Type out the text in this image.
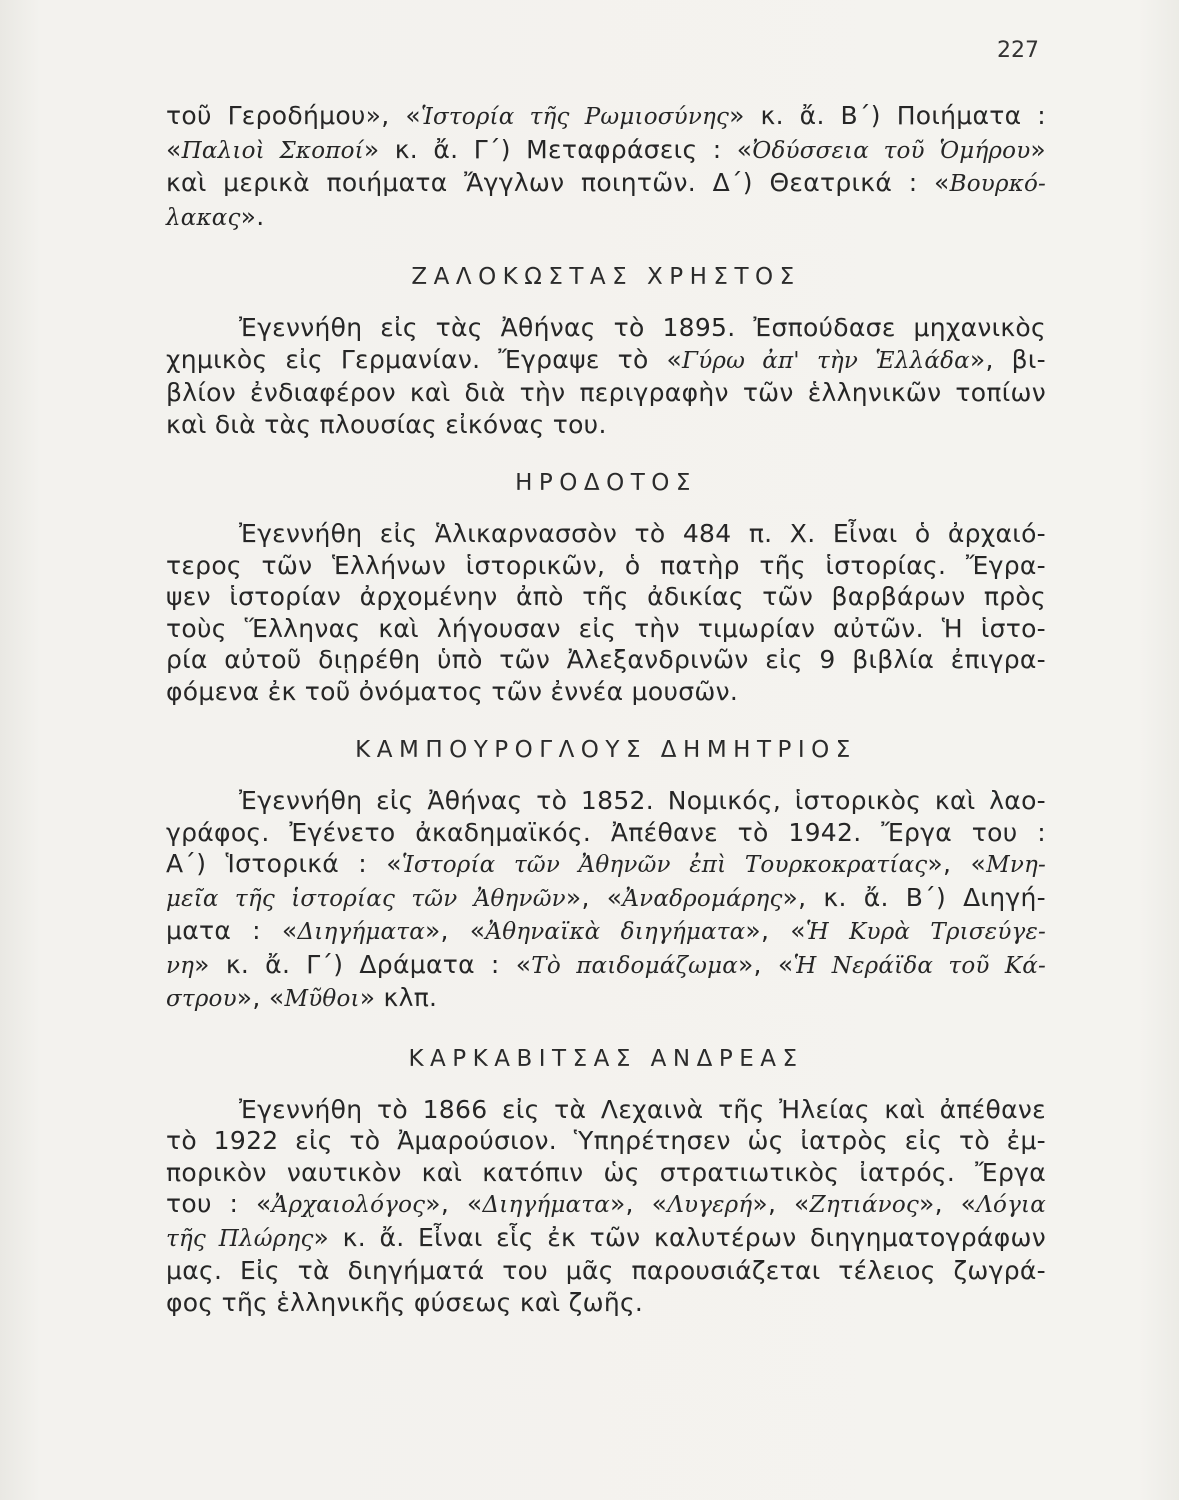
227
τοῦ Γεροδήμου», «Ἱστορία τῆς Ρωμιοσύνης» κ. ἄ. Β΄) Ποιήματα :
«Παλιοὶ Σκοποί» κ. ἄ. Γ΄) Μεταφράσεις : «Ὀδύσσεια τοῦ Ὁμήρου»
καὶ μερικὰ ποιήματα Ἄγγλων ποιητῶν. Δ΄) Θεατρικά : «Βουρκό-
λακας».
ΖΑΛΟΚΩΣΤΑΣ ΧΡΗΣΤΟΣ
Ἐγεννήθη εἰς τὰς Ἀθήνας τὸ 1895. Ἐσπούδασε μηχανικὸς
χημικὸς εἰς Γερμανίαν. Ἔγραψε τὸ «Γύρω ἀπ' τὴν Ἑλλάδα», βι-
βλίον ἐνδιαφέρον καὶ διὰ τὴν περιγραφὴν τῶν ἑλληνικῶν τοπίων
καὶ διὰ τὰς πλουσίας εἰκόνας του.
ΗΡΟΔΟΤΟΣ
Ἐγεννήθη εἰς Ἁλικαρνασσὸν τὸ 484 π. Χ. Εἶναι ὁ ἀρχαιό-
τερος τῶν Ἑλλήνων ἱστορικῶν, ὁ πατὴρ τῆς ἱστορίας. Ἔγρα-
ψεν ἱστορίαν ἀρχομένην ἀπὸ τῆς ἀδικίας τῶν βαρβάρων πρὸς
τοὺς Ἕλληνας καὶ λήγουσαν εἰς τὴν τιμωρίαν αὐτῶν. Ἡ ἱστο-
ρία αὐτοῦ διῃρέθη ὑπὸ τῶν Ἀλεξανδρινῶν εἰς 9 βιβλία ἐπιγρα-
φόμενα ἐκ τοῦ ὀνόματος τῶν ἐννέα μουσῶν.
ΚΑΜΠΟΥΡΟΓΛΟΥΣ ΔΗΜΗΤΡΙΟΣ
Ἐγεννήθη εἰς Ἀθήνας τὸ 1852. Νομικός, ἱστορικὸς καὶ λαο-
γράφος. Ἐγένετο ἀκαδημαϊκός. Ἀπέθανε τὸ 1942. Ἔργα του :
Α΄) Ἱστορικά : «Ἱστορία τῶν Ἀθηνῶν ἐπὶ Τουρκοκρατίας», «Μνη-
μεῖα τῆς ἱστορίας τῶν Ἀθηνῶν», «Ἀναδρομάρης», κ. ἄ. Β΄) Διηγή-
ματα : «Διηγήματα», «Ἀθηναϊκὰ διηγήματα», «Ἡ Κυρὰ Τρισεύγε-
νη» κ. ἄ. Γ΄) Δράματα : «Τὸ παιδομάζωμα», «Ἡ Νεράϊδα τοῦ Κά-
στρου», «Μῦθοι» κλπ.
ΚΑΡΚΑΒΙΤΣΑΣ ΑΝΔΡΕΑΣ
Ἐγεννήθη τὸ 1866 εἰς τὰ Λεχαινὰ τῆς Ἠλείας καὶ ἀπέθανε
τὸ 1922 εἰς τὸ Ἀμαρούσιον. Ὑπηρέτησεν ὡς ἰατρὸς εἰς τὸ ἐμ-
πορικὸν ναυτικὸν καὶ κατόπιν ὡς στρατιωτικὸς ἰατρός. Ἔργα
του : «Ἀρχαιολόγος», «Διηγήματα», «Λυγερή», «Ζητιάνος», «Λόγια
τῆς Πλώρης» κ. ἄ. Εἶναι εἷς ἐκ τῶν καλυτέρων διηγηματογράφων
μας. Εἰς τὰ διηγήματά του μᾶς παρουσιάζεται τέλειος ζωγρά-
φος τῆς ἑλληνικῆς φύσεως καὶ ζωῆς.
